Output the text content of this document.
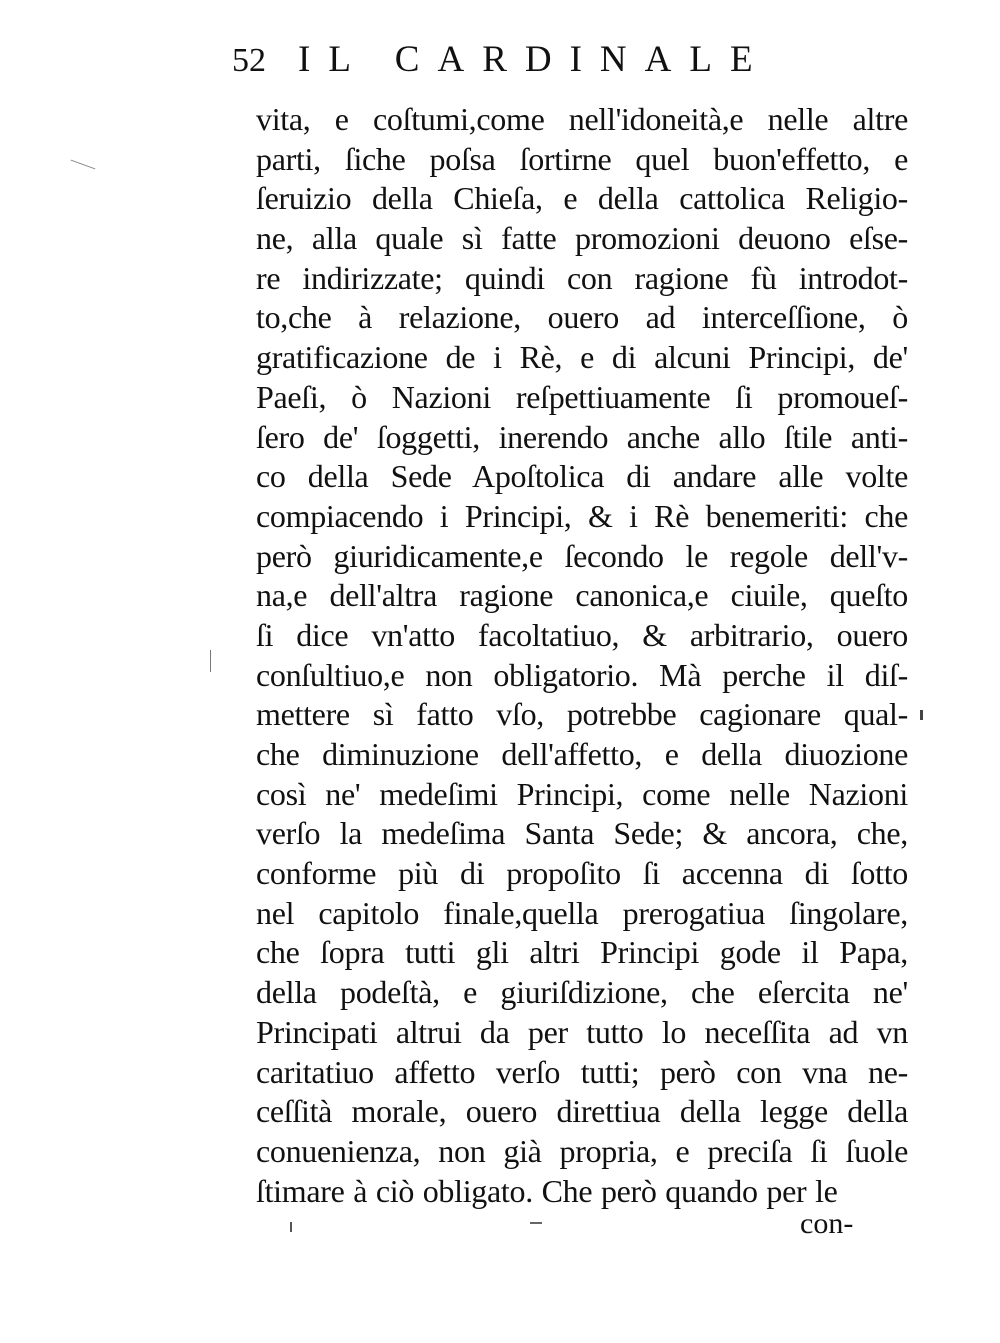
52 IL CARDINALE
vita, e coſtumi,come nell'idoneità,e nelle altre
parti, ſiche poſsa ſortirne quel buon'effetto, e
ſeruizio della Chieſa, e della cattolica Religio-
ne, alla quale sì fatte promozioni deuono eſse-
re indirizzate; quindi con ragione fù introdot-
to,che à relazione, ouero ad interceſſione, ò
gratificazione de i Rè, e di alcuni Principi, de'
Paeſi, ò Nazioni reſpettiuamente ſi promoueſ-
ſero de' ſoggetti, inerendo anche allo ſtile anti-
co della Sede Apoſtolica di andare alle volte
compiacendo i Principi, & i Rè benemeriti: che
però giuridicamente,e ſecondo le regole dell'v-
na,e dell'altra ragione canonica,e ciuile, queſto
ſi dice vn'atto facoltatiuo, & arbitrario, ouero
conſultiuo,e non obligatorio. Mà perche il diſ-
mettere sì fatto vſo, potrebbe cagionare qual-
che diminuzione dell'affetto, e della diuozione
così ne' medeſimi Principi, come nelle Nazioni
verſo la medeſima Santa Sede; & ancora, che,
conforme più di propoſito ſi accenna di ſotto
nel capitolo finale,quella prerogatiua ſingolare,
che ſopra tutti gli altri Principi gode il Papa,
della podeſtà, e giuriſdizione, che eſercita ne'
Principati altrui da per tutto lo neceſſita ad vn
caritatiuo affetto verſo tutti; però con vna ne-
ceſſità morale, ouero direttiua della legge della
conuenienza, non già propria, e preciſa ſi ſuole
ſtimare à ciò obligato. Che però quando per le
con-
